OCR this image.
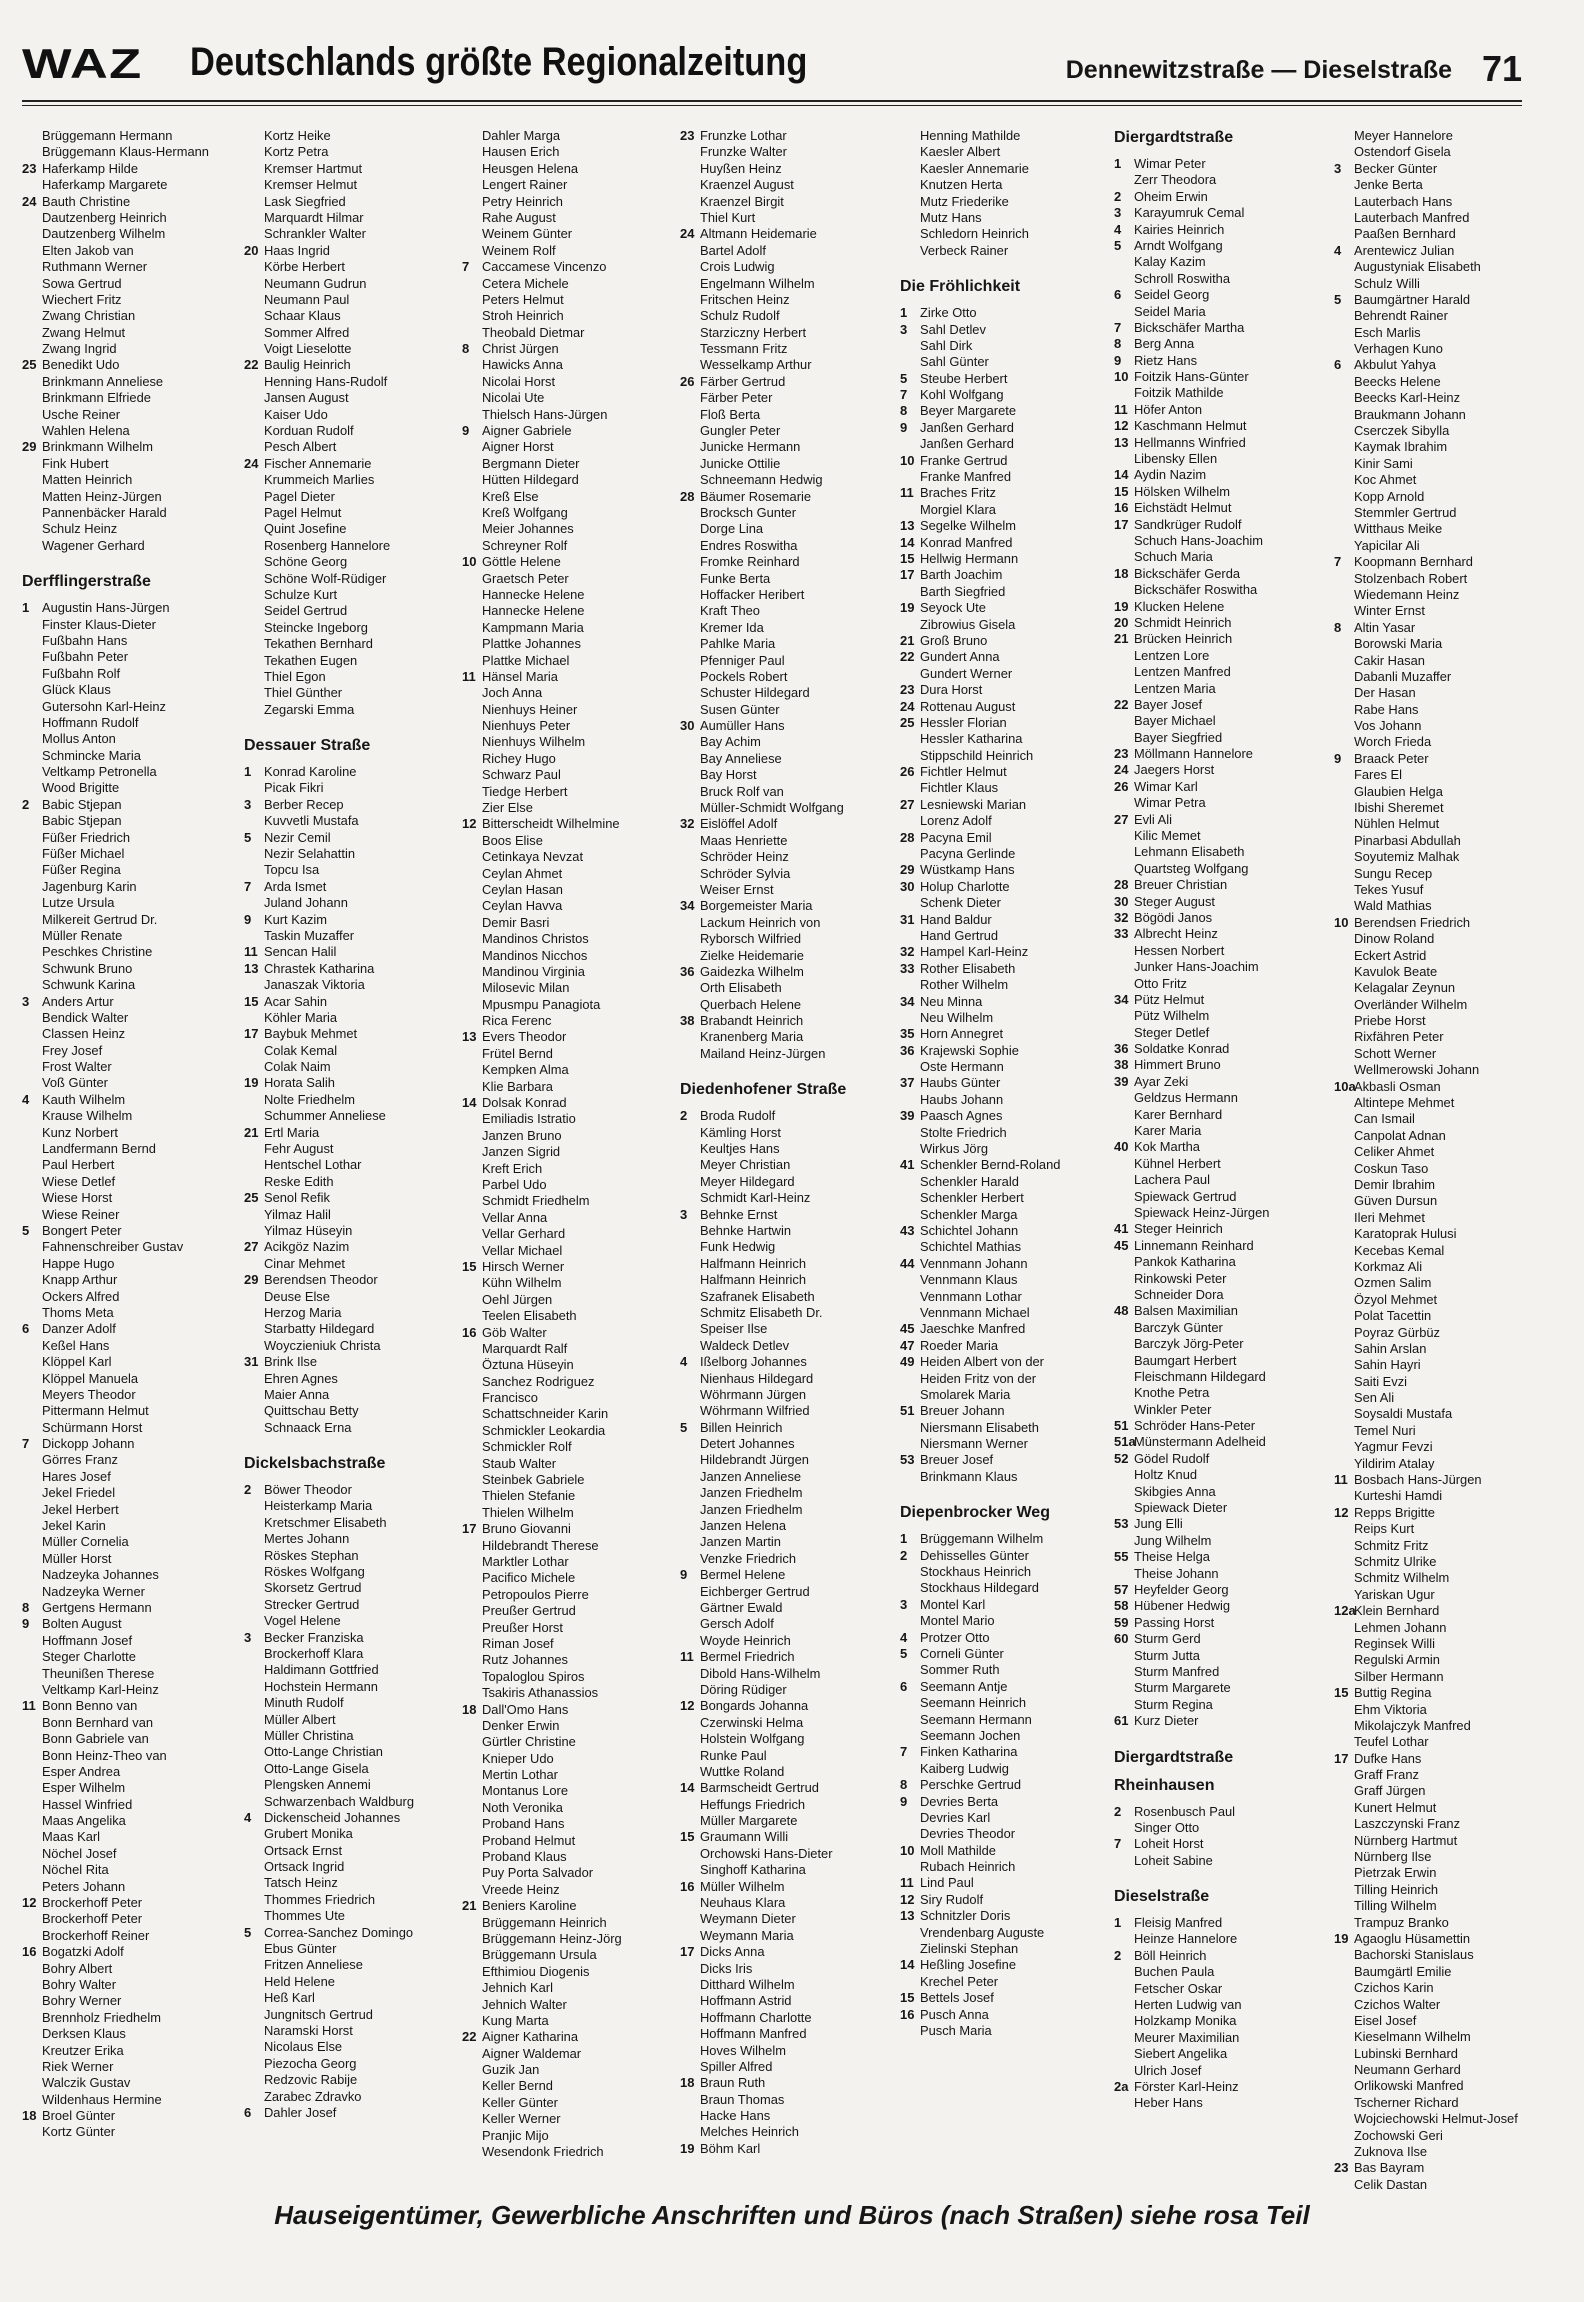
WAZ Deutschlands größte Regionalzeitung	Dennewitzstraße — Dieselstraße 71
Brüggemann Hermann
Brüggemann Klaus-Hermann
23 Haferkamp Hilde
Haferkamp Margarete
24 Bauth Christine
Dautzenberg Heinrich
Dautzenberg Wilhelm
Elten Jakob van
Ruthmann Werner
Sowa Gertrud
Wiechert Fritz
Zwang Christian
Zwang Helmut
Zwang Ingrid
25 Benedikt Udo
Brinkmann Anneliese
Brinkmann Elfriede
Usche Reiner
Wahlen Helena
29 Brinkmann Wilhelm
Fink Hubert
Matten Heinrich
Matten Heinz-Jürgen
Pannenbäcker Harald
Schulz Heinz
Wagener Gerhard
Derfflingerstraße
1 Augustin Hans-Jürgen
Finster Klaus-Dieter
Fußbahn Hans
Fußbahn Peter
Fußbahn Rolf
Glück Klaus
Gutersohn Karl-Heinz
Hoffmann Rudolf
Mollus Anton
Schmincke Maria
Veltkamp Petronella
Wood Brigitte
2 Babic Stjepan
Babic Stjepan
Füßer Friedrich
Füßer Michael
Füßer Regina
Jagenburg Karin
Lutze Ursula
Milkereit Gertrud Dr.
Müller Renate
Peschkes Christine
Schwunk Bruno
Schwunk Karina
3 Anders Artur
Bendick Walter
Classen Heinz
Frey Josef
Frost Walter
Voß Günter
4 Kauth Wilhelm
Krause Wilhelm
Kunz Norbert
Landfermann Bernd
Paul Herbert
Wiese Detlef
Wiese Horst
Wiese Reiner
5 Bongert Peter
Fahnenschreiber Gustav
Happe Hugo
Knapp Arthur
Ockers Alfred
Thoms Meta
6 Danzer Adolf
Keßel Hans
Klöppel Karl
Klöppel Manuela
Meyers Theodor
Pittermann Helmut
Schürmann Horst
7 Dickopp Johann
Görres Franz
Hares Josef
Jekel Friedel
Jekel Herbert
Jekel Karin
Müller Cornelia
Müller Horst
Nadzeyka Johannes
Nadzeyka Werner
8 Gertgens Hermann
9 Bolten August
Hoffmann Josef
Steger Charlotte
Theunißen Therese
Veltkamp Karl-Heinz
11 Bonn Benno van
Bonn Bernhard van
Bonn Gabriele van
Bonn Heinz-Theo van
Esper Andrea
Esper Wilhelm
Hassel Winfried
Maas Angelika
Maas Karl
Nöchel Josef
Nöchel Rita
Peters Johann
12 Brockerhoff Peter
Brockerhoff Peter
Brockerhoff Reiner
16 Bogatzki Adolf
Bohry Albert
Bohry Walter
Bohry Werner
Brennholz Friedhelm
Derksen Klaus
Kreutzer Erika
Riek Werner
Walczik Gustav
Wildenhaus Hermine
18 Broel Günter
Kortz Günter
Kortz Heike
Kortz Petra
Kremser Hartmut
Kremser Helmut
Lask Siegfried
Marquardt Hilmar
Schrankler Walter
20 Haas Ingrid
Körbe Herbert
Neumann Gudrun
Neumann Paul
Schaar Klaus
Sommer Alfred
Voigt Lieselotte
22 Baulig Heinrich
Henning Hans-Rudolf
Jansen August
Kaiser Udo
Korduan Rudolf
Pesch Albert
24 Fischer Annemarie
Krummeich Marlies
Pagel Dieter
Pagel Helmut
Quint Josefine
Rosenberg Hannelore
Schöne Georg
Schöne Wolf-Rüdiger
Schulze Kurt
Seidel Gertrud
Steincke Ingeborg
Tekathen Bernhard
Tekathen Eugen
Thiel Egon
Thiel Günther
Zegarski Emma
Dessauer Straße
1 Konrad Karoline
Picak Fikri
3 Berber Recep
Kuvvetli Mustafa
5 Nezir Cemil
Nezir Selahattin
Topcu Isa
7 Arda Ismet
Juland Johann
9 Kurt Kazim
Taskin Muzaffer
11 Sencan Halil
13 Chrastek Katharina
Janaszak Viktoria
15 Acar Sahin
Köhler Maria
17 Baybuk Mehmet
Colak Kemal
Colak Naim
19 Horata Salih
Nolte Friedhelm
Schummer Anneliese
21 Ertl Maria
Fehr August
Hentschel Lothar
Reske Edith
25 Senol Refik
Yilmaz Halil
Yilmaz Hüseyin
27 Acikgöz Nazim
Cinar Mehmet
29 Berendsen Theodor
Deuse Else
Herzog Maria
Starbatty Hildegard
Woyczieniuk Christa
31 Brink Ilse
Ehren Agnes
Maier Anna
Quittschau Betty
Schnaack Erna
Dickelsbachstraße
2 Böwer Theodor
Heisterkamp Maria
Kretschmer Elisabeth
Mertes Johann
Röskes Stephan
Röskes Wolfgang
Skorsetz Gertrud
Strecker Gertrud
Vogel Helene
3 Becker Franziska
Brockerhoff Klara
Haldimann Gottfried
Hochstein Hermann
Minuth Rudolf
Müller Albert
Müller Christina
Otto-Lange Christian
Otto-Lange Gisela
Plengsken Annemi
Schwarzenbach Waldburg
4 Dickenscheid Johannes
Grubert Monika
Ortsack Ernst
Ortsack Ingrid
Tatsch Heinz
Thommes Friedrich
Thommes Ute
5 Correa-Sanchez Domingo
Ebus Günter
Fritzen Anneliese
Held Helene
Heß Karl
Jungnitsch Gertrud
Naramski Horst
Nicolaus Else
Piezocha Georg
Redzovic Rabije
Zarabec Zdravko
6 Dahler Josef
Dahler Marga
Hausen Erich
Heusgen Helena
Lengert Rainer
Petry Heinrich
Rahe August
Weinem Günter
Weinem Rolf
7 Caccamese Vincenzo
Cetera Michele
Peters Helmut
Stroh Heinrich
Theobald Dietmar
8 Christ Jürgen
Hawicks Anna
Nicolai Horst
Nicolai Ute
Thielsch Hans-Jürgen
9 Aigner Gabriele
Aigner Horst
Bergmann Dieter
Hütten Hildegard
Kreß Else
Kreß Wolfgang
Meier Johannes
Schreyner Rolf
10 Göttle Helene
Graetsch Peter
Hannecke Helene
Hannecke Helene
Kampmann Maria
Plattke Johannes
Plattke Michael
11 Hänsel Maria
Joch Anna
Nienhuys Heiner
Nienhuys Peter
Nienhuys Wilhelm
Richey Hugo
Schwarz Paul
Tiedge Herbert
Zier Else
12 Bitterscheidt Wilhelmine
Boos Elise
Cetinkaya Nevzat
Ceylan Ahmet
Ceylan Hasan
Ceylan Havva
Demir Basri
Mandinos Christos
Mandinos Nicchos
Mandinou Virginia
Milosevic Milan
Mpusmpu Panagiota
Rica Ferenc
13 Evers Theodor
Frütel Bernd
Kempken Alma
Klie Barbara
14 Dolsak Konrad
Emiliadis Istratio
Janzen Bruno
Janzen Sigrid
Kreft Erich
Parbel Udo
Schmidt Friedhelm
Vellar Anna
Vellar Gerhard
Vellar Michael
15 Hirsch Werner
Kühn Wilhelm
Oehl Jürgen
Teelen Elisabeth
16 Göb Walter
Marquardt Ralf
Öztuna Hüseyin
Sanchez Rodriguez
Francisco
Schattschneider Karin
Schmickler Leokardia
Schmickler Rolf
Staub Walter
Steinbek Gabriele
Thielen Stefanie
Thielen Wilhelm
17 Bruno Giovanni
Hildebrandt Therese
Marktler Lothar
Pacifico Michele
Petropoulos Pierre
Preußer Gertrud
Preußer Horst
Riman Josef
Rutz Johannes
Topaloglou Spiros
Tsakiris Athanassios
18 Dall'Omo Hans
Denker Erwin
Gürtler Christine
Knieper Udo
Mertin Lothar
Montanus Lore
Noth Veronika
Proband Hans
Proband Helmut
Proband Klaus
Puy Porta Salvador
Vreede Heinz
21 Beniers Karoline
Brüggemann Heinrich
Brüggemann Heinz-Jörg
Brüggemann Ursula
Efthimiou Diogenis
Jehnich Karl
Jehnich Walter
Kung Marta
22 Aigner Katharina
Aigner Waldemar
Guzik Jan
Keller Bernd
Keller Günter
Keller Werner
Pranjic Mijo
Wesendonk Friedrich
23 Frunzke Lothar
Frunzke Walter
Huyßen Heinz
Kraenzel August
Kraenzel Birgit
Thiel Kurt
24 Altmann Heidemarie
Bartel Adolf
Crois Ludwig
Engelmann Wilhelm
Fritschen Heinz
Schulz Rudolf
Starziczny Herbert
Tessmann Fritz
Wesselkamp Arthur
26 Färber Gertrud
Färber Peter
Floß Berta
Gungler Peter
Junicke Hermann
Junicke Ottilie
Schneemann Hedwig
28 Bäumer Rosemarie
Brocksch Gunter
Dorge Lina
Endres Roswitha
Fromke Reinhard
Funke Berta
Hoffacker Heribert
Kraft Theo
Kremer Ida
Pahlke Maria
Pfenniger Paul
Pockels Robert
Schuster Hildegard
Susen Günter
30 Aumüller Hans
Bay Achim
Bay Anneliese
Bay Horst
Bruck Rolf van
Müller-Schmidt Wolfgang
32 Eislöffel Adolf
Maas Henriette
Schröder Heinz
Schröder Sylvia
Weiser Ernst
34 Borgemeister Maria
Lackum Heinrich von
Ryborsch Wilfried
Zielke Heidemarie
36 Gaidezka Wilhelm
Orth Elisabeth
Querbach Helene
38 Brabandt Heinrich
Kranenberg Maria
Mailand Heinz-Jürgen
Diedenhofener Straße
2 Broda Rudolf
Kämling Horst
Keultjes Hans
Meyer Christian
Meyer Hildegard
Schmidt Karl-Heinz
3 Behnke Ernst
Behnke Hartwin
Funk Hedwig
Halfmann Heinrich
Halfmann Heinrich
Szafranek Elisabeth
Schmitz Elisabeth Dr.
Speiser Ilse
Waldeck Detlev
4 Ißelborg Johannes
Nienhaus Hildegard
Wöhrmann Jürgen
Wöhrmann Wilfried
5 Billen Heinrich
Detert Johannes
Hildebrandt Jürgen
Janzen Anneliese
Janzen Friedhelm
Janzen Friedhelm
Janzen Helena
Janzen Martin
Venzke Friedrich
9 Bermel Helene
Eichberger Gertrud
Gärtner Ewald
Gersch Adolf
Woyde Heinrich
11 Bermel Friedrich
Dibold Hans-Wilhelm
Döring Rüdiger
12 Bongards Johanna
Czerwinski Helma
Holstein Wolfgang
Runke Paul
Wuttke Roland
14 Barmscheidt Gertrud
Heffungs Friedrich
Müller Margarete
15 Graumann Willi
Orchowski Hans-Dieter
Singhoff Katharina
16 Müller Wilhelm
Neuhaus Klara
Weymann Dieter
Weymann Maria
17 Dicks Anna
Dicks Iris
Ditthard Wilhelm
Hoffmann Astrid
Hoffmann Charlotte
Hoffmann Manfred
Hoves Wilhelm
Spiller Alfred
18 Braun Ruth
Braun Thomas
Hacke Hans
Melches Heinrich
19 Böhm Karl
Henning Mathilde
Kaesler Albert
Kaesler Annemarie
Knutzen Herta
Mutz Friederike
Mutz Hans
Schledorn Heinrich
Verbeck Rainer
Die Fröhlichkeit
1 Zirke Otto
3 Sahl Detlev
Sahl Dirk
Sahl Günter
5 Steube Herbert
7 Kohl Wolfgang
8 Beyer Margarete
9 Janßen Gerhard
Janßen Gerhard
10 Franke Gertrud
Franke Manfred
11 Braches Fritz
Morgiel Klara
13 Segelke Wilhelm
14 Konrad Manfred
15 Hellwig Hermann
17 Barth Joachim
Barth Siegfried
19 Seyock Ute
Zibrowius Gisela
21 Groß Bruno
22 Gundert Anna
Gundert Werner
23 Dura Horst
24 Rottenau August
25 Hessler Florian
Hessler Katharina
Stippschild Heinrich
26 Fichtler Helmut
Fichtler Klaus
27 Lesniewski Marian
Lorenz Adolf
28 Pacyna Emil
Pacyna Gerlinde
29 Wüstkamp Hans
30 Holup Charlotte
Schenk Dieter
31 Hand Baldur
Hand Gertrud
32 Hampel Karl-Heinz
33 Rother Elisabeth
Rother Wilhelm
34 Neu Minna
Neu Wilhelm
35 Horn Annegret
36 Krajewski Sophie
Oste Hermann
37 Haubs Günter
Haubs Johann
39 Paasch Agnes
Stolte Friedrich
Wirkus Jörg
41 Schenkler Bernd-Roland
Schenkler Harald
Schenkler Herbert
Schenkler Marga
43 Schichtel Johann
Schichtel Mathias
44 Vennmann Johann
Vennmann Klaus
Vennmann Lothar
Vennmann Michael
45 Jaeschke Manfred
47 Roeder Maria
49 Heiden Albert von der
Heiden Fritz von der
Smolarek Maria
51 Breuer Johann
Niersmann Elisabeth
Niersmann Werner
53 Breuer Josef
Brinkmann Klaus
Diepenbrocker Weg
1 Brüggemann Wilhelm
2 Dehisselles Günter
Stockhaus Heinrich
Stockhaus Hildegard
3 Montel Karl
Montel Mario
4 Protzer Otto
5 Corneli Günter
Sommer Ruth
6 Seemann Antje
Seemann Heinrich
Seemann Hermann
Seemann Jochen
7 Finken Katharina
Kaiberg Ludwig
8 Perschke Gertrud
9 Devries Berta
Devries Karl
Devries Theodor
10 Moll Mathilde
Rubach Heinrich
11 Lind Paul
12 Siry Rudolf
13 Schnitzler Doris
Vrendenbarg Auguste
Zielinski Stephan
14 Heßling Josefine
Krechel Peter
15 Bettels Josef
16 Pusch Anna
Pusch Maria
Diergardtstraße
1 Wimar Peter
Zerr Theodora
2 Oheim Erwin
3 Karayumruk Cemal
4 Kairies Heinrich
5 Arndt Wolfgang
Kalay Kazim
Schroll Roswitha
6 Seidel Georg
Seidel Maria
7 Bickschäfer Martha
8 Berg Anna
9 Rietz Hans
10 Foitzik Hans-Günter
Foitzik Mathilde
11 Höfer Anton
12 Kaschmann Helmut
13 Hellmanns Winfried
Libensky Ellen
14 Aydin Nazim
15 Hölsken Wilhelm
16 Eichstädt Helmut
17 Sandkrüger Rudolf
Schuch Hans-Joachim
Schuch Maria
18 Bickschäfer Gerda
Bickschäfer Roswitha
19 Klucken Helene
20 Schmidt Heinrich
21 Brücken Heinrich
Lentzen Lore
Lentzen Manfred
Lentzen Maria
22 Bayer Josef
Bayer Michael
Bayer Siegfried
23 Möllmann Hannelore
24 Jaegers Horst
26 Wimar Karl
Wimar Petra
27 Evli Ali
Kilic Memet
Lehmann Elisabeth
Quartsteg Wolfgang
28 Breuer Christian
30 Steger August
32 Bögödi Janos
33 Albrecht Heinz
Hessen Norbert
Junker Hans-Joachim
Otto Fritz
34 Pütz Helmut
Pütz Wilhelm
Steger Detlef
36 Soldatke Konrad
38 Himmert Bruno
39 Ayar Zeki
Geldzus Hermann
Karer Bernhard
Karer Maria
40 Kok Martha
Kühnel Herbert
Lachera Paul
Spiewack Gertrud
Spiewack Heinz-Jürgen
41 Steger Heinrich
45 Linnemann Reinhard
Pankok Katharina
Rinkowski Peter
Schneider Dora
48 Balsen Maximilian
Barczyk Günter
Barczyk Jörg-Peter
Baumgart Herbert
Fleischmann Hildegard
Knothe Petra
Winkler Peter
51 Schröder Hans-Peter
51a
Münstermann Adelheid
52 Gödel Rudolf
Holtz Knud
Skibgies Anna
Spiewack Dieter
53 Jung Elli
Jung Wilhelm
55 Theise Helga
Theise Johann
57 Heyfelder Georg
58 Hübener Hedwig
59 Passing Horst
60 Sturm Gerd
Sturm Jutta
Sturm Manfred
Sturm Margarete
Sturm Regina
61 Kurz Dieter
Diergardtstraße
Rheinhausen
2 Rosenbusch Paul
Singer Otto
7 Loheit Horst
Loheit Sabine
Dieselstraße
1 Fleisig Manfred
Heinze Hannelore
2 Böll Heinrich
Buchen Paula
Fetscher Oskar
Herten Ludwig van
Holzkamp Monika
Meurer Maximilian
Siebert Angelika
Ulrich Josef
2a Förster Karl-Heinz
Heber Hans
Meyer Hannelore
Ostendorf Gisela
3 Becker Günter
Jenke Berta
Lauterbach Hans
Lauterbach Manfred
Paaßen Bernhard
4 Arentewicz Julian
Augustyniak Elisabeth
Schulz Willi
5 Baumgärtner Harald
Behrendt Rainer
Esch Marlis
Verhagen Kuno
6 Akbulut Yahya
Beecks Helene
Beecks Karl-Heinz
Braukmann Johann
Cserczek Sibylla
Kaymak Ibrahim
Kinir Sami
Koc Ahmet
Kopp Arnold
Stemmler Gertrud
Witthaus Meike
Yapicilar Ali
7 Koopmann Bernhard
Stolzenbach Robert
Wiedemann Heinz
Winter Ernst
8 Altin Yasar
Borowski Maria
Cakir Hasan
Dabanli Muzaffer
Der Hasan
Rabe Hans
Vos Johann
Worch Frieda
9 Braack Peter
Fares El
Glaubien Helga
Ibishi Sheremet
Nühlen Helmut
Pinarbasi Abdullah
Soyutemiz Malhak
Sungu Recep
Tekes Yusuf
Wald Mathias
10 Berendsen Friedrich
Dinow Roland
Eckert Astrid
Kavulok Beate
Kelagalar Zeynun
Overländer Wilhelm
Priebe Horst
Rixfähren Peter
Schott Werner
Wellmerowski Johann
10a
Akbasli Osman
Altintepe Mehmet
Can Ismail
Canpolat Adnan
Celiker Ahmet
Coskun Taso
Demir Ibrahim
Güven Dursun
Ileri Mehmet
Karatoprak Hulusi
Kecebas Kemal
Korkmaz Ali
Ozmen Salim
Özyol Mehmet
Polat Tacettin
Poyraz Gürbüz
Sahin Arslan
Sahin Hayri
Saiti Evzi
Sen Ali
Soysaldi Mustafa
Temel Nuri
Yagmur Fevzi
Yildirim Atalay
11 Bosbach Hans-Jürgen
Kurteshi Hamdi
12 Repps Brigitte
Reips Kurt
Schmitz Fritz
Schmitz Ulrike
Schmitz Wilhelm
Yariskan Ugur
12a
Klein Bernhard
Lehmen Johann
Reginsek Willi
Regulski Armin
Silber Hermann
15 Buttig Regina
Ehm Viktoria
Mikolajczyk Manfred
Teufel Lothar
17 Dufke Hans
Graff Franz
Graff Jürgen
Kunert Helmut
Laszczynski Franz
Nürnberg Hartmut
Nürnberg Ilse
Pietrzak Erwin
Tilling Heinrich
Tilling Wilhelm
Trampuz Branko
19 Agaoglu Hüsamettin
Bachorski Stanislaus
Baumgärtl Emilie
Czichos Karin
Czichos Walter
Eisel Josef
Kieselmann Wilhelm
Lubinski Bernhard
Neumann Gerhard
Orlikowski Manfred
Tscherner Richard
Wojciechowski Helmut-Josef
Zochowski Geri
Zuknova Ilse
23 Bas Bayram
Celik Dastan
Hauseigentümer, Gewerbliche Anschriften und Büros (nach Straßen) siehe rosa Teil
